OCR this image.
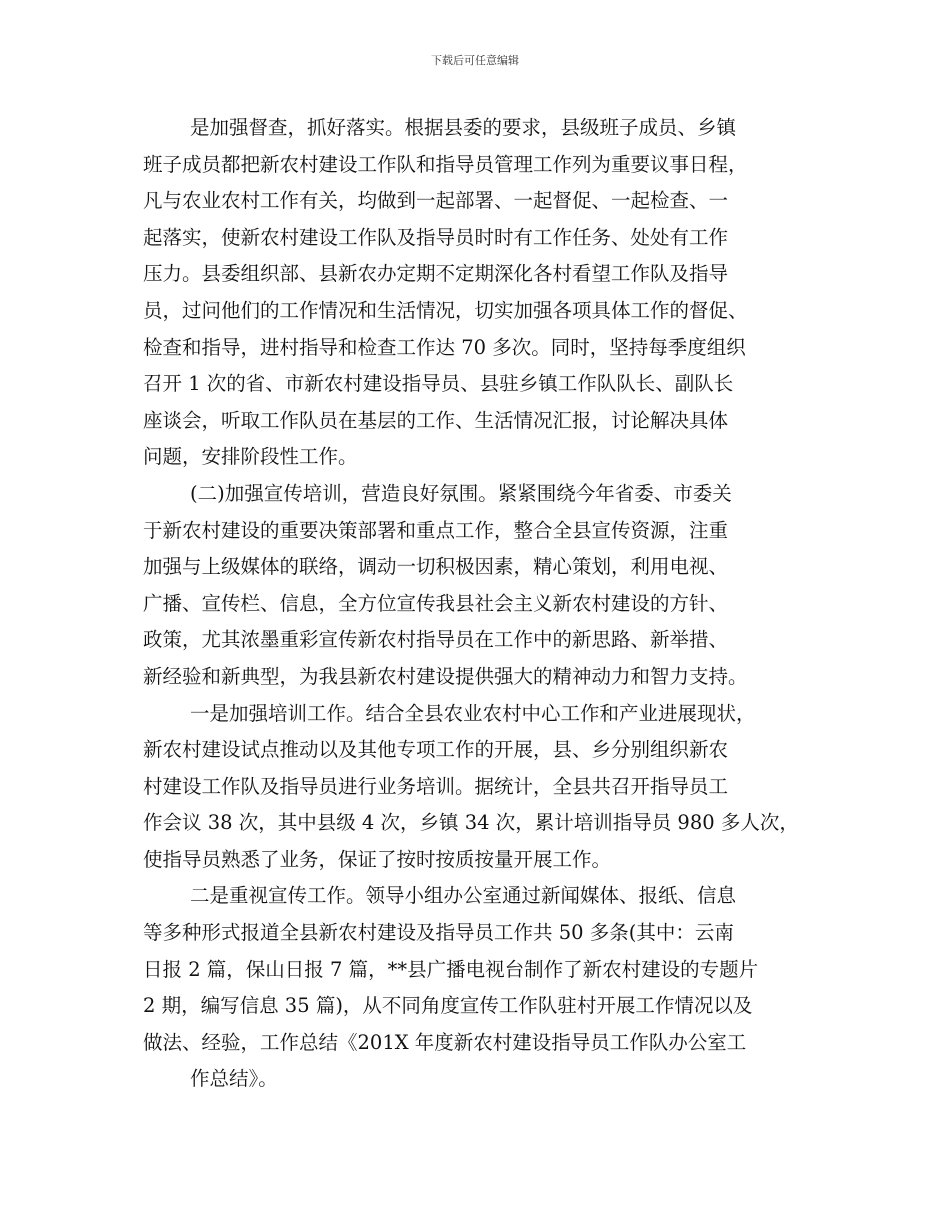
下载后可任意编辑
是加强督查，抓好落实。根据县委的要求，县级班子成员、乡镇
班子成员都把新农村建设工作队和指导员管理工作列为重要议事日程，
凡与农业农村工作有关，均做到一起部署、一起督促、一起检查、一
起落实，使新农村建设工作队及指导员时时有工作任务、处处有工作
压力。县委组织部、县新农办定期不定期深化各村看望工作队及指导
员，过问他们的工作情况和生活情况，切实加强各项具体工作的督促、
检查和指导，进村指导和检查工作达 70 多次。同时，坚持每季度组织
召开 1 次的省、市新农村建设指导员、县驻乡镇工作队队长、副队长
座谈会，听取工作队员在基层的工作、生活情况汇报，讨论解决具体
问题，安排阶段性工作。
(二)加强宣传培训，营造良好氛围。紧紧围绕今年省委、市委关
于新农村建设的重要决策部署和重点工作，整合全县宣传资源，注重
加强与上级媒体的联络，调动一切积极因素，精心策划，利用电视、
广播、宣传栏、信息，全方位宣传我县社会主义新农村建设的方针、
政策，尤其浓墨重彩宣传新农村指导员在工作中的新思路、新举措、
新经验和新典型，为我县新农村建设提供强大的精神动力和智力支持。
一是加强培训工作。结合全县农业农村中心工作和产业进展现状，
新农村建设试点推动以及其他专项工作的开展，县、乡分别组织新农
村建设工作队及指导员进行业务培训。据统计，全县共召开指导员工
作会议 38 次，其中县级 4 次，乡镇 34 次，累计培训指导员 980 多人次，
使指导员熟悉了业务，保证了按时按质按量开展工作。
二是重视宣传工作。领导小组办公室通过新闻媒体、报纸、信息
等多种形式报道全县新农村建设及指导员工作共 50 多条(其中：云南
日报 2 篇，保山日报 7 篇，**县广播电视台制作了新农村建设的专题片
2 期，编写信息 35 篇)，从不同角度宣传工作队驻村开展工作情况以及
做法、经验，工作总结《201X 年度新农村建设指导员工作队办公室工
作总结》。
